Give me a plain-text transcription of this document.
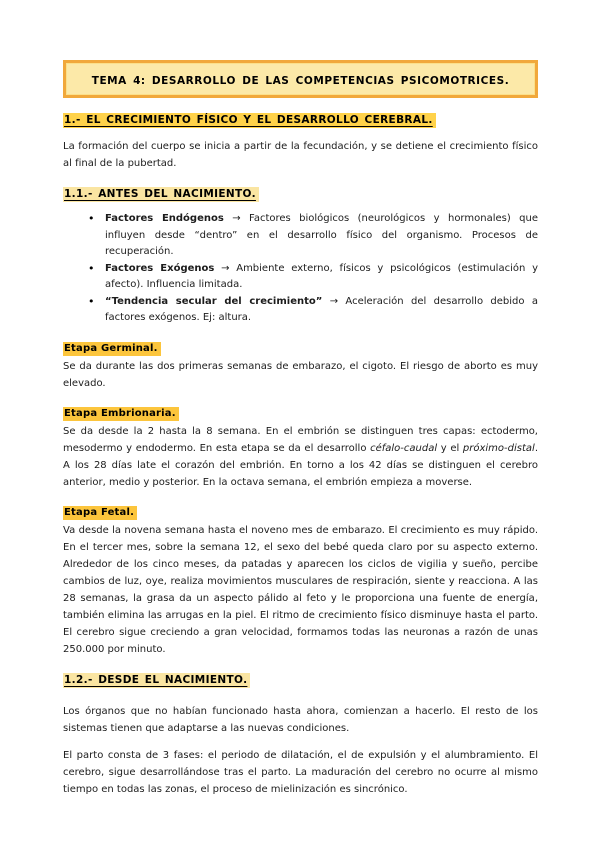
TEMA 4: DESARROLLO DE LAS COMPETENCIAS PSICOMOTRICES.
1.- EL CRECIMIENTO FÍSICO Y EL DESARROLLO CEREBRAL.

La formación del cuerpo se inicia a partir de la fecundación, y se detiene el crecimiento físico al final de la pubertad.

1.1.- ANTES DEL NACIMIENTO.
• Factores Endógenos → Factores biológicos (neurológicos y hormonales) que influyen desde “dentro” en el desarrollo físico del organismo. Procesos de recuperación.
• Factores Exógenos → Ambiente externo, físicos y psicológicos (estimulación y afecto). Influencia limitada.
• “Tendencia secular del crecimiento” → Aceleración del desarrollo debido a factores exógenos. Ej: altura.
Etapa Germinal.

Se da durante las dos primeras semanas de embarazo, el cigoto. El riesgo de aborto es muy elevado.

Etapa Embrionaria.

Se da desde la 2 hasta la 8 semana. En el embrión se distinguen tres capas: ectodermo, mesodermo y endodermo. En esta etapa se da el desarrollo céfalo-caudal y el próximo-distal. A los 28 días late el corazón del embrión. En torno a los 42 días se distinguen el cerebro anterior, medio y posterior. En la octava semana, el embrión empieza a moverse.

Etapa Fetal.

Va desde la novena semana hasta el noveno mes de embarazo. El crecimiento es muy rápido. En el tercer mes, sobre la semana 12, el sexo del bebé queda claro por su aspecto externo. Alrededor de los cinco meses, da patadas y aparecen los ciclos de vigilia y sueño, percibe cambios de luz, oye, realiza movimientos musculares de respiración, siente y reacciona. A las 28 semanas, la grasa da un aspecto pálido al feto y le proporciona una fuente de energía, también elimina las arrugas en la piel. El ritmo de crecimiento físico disminuye hasta el parto. El cerebro sigue creciendo a gran velocidad, formamos todas las neuronas a razón de unas 250.000 por minuto.

1.2.- DESDE EL NACIMIENTO.

Los órganos que no habían funcionado hasta ahora, comienzan a hacerlo. El resto de los sistemas tienen que adaptarse a las nuevas condiciones.

El parto consta de 3 fases: el periodo de dilatación, el de expulsión y el alumbramiento. El cerebro, sigue desarrollándose tras el parto. La maduración del cerebro no ocurre al mismo tiempo en todas las zonas, el proceso de mielinización es sincrónico.
